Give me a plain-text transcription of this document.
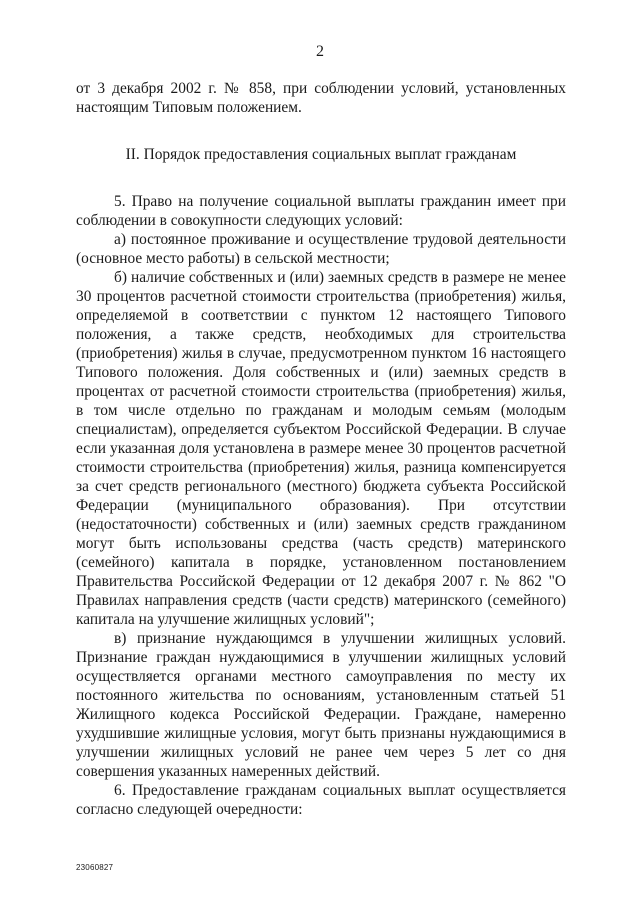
2

от 3 декабря 2002 г. № 858, при соблюдении условий, установленных настоящим Типовым положением.

II. Порядок предоставления социальных выплат гражданам

5. Право на получение социальной выплаты гражданин имеет при соблюдении в совокупности следующих условий:

а) постоянное проживание и осуществление трудовой деятельности (основное место работы) в сельской местности;

б) наличие собственных и (или) заемных средств в размере не менее 30 процентов расчетной стоимости строительства (приобретения) жилья, определяемой в соответствии с пунктом 12 настоящего Типового положения, а также средств, необходимых для строительства (приобретения) жилья в случае, предусмотренном пунктом 16 настоящего Типового положения. Доля собственных и (или) заемных средств в процентах от расчетной стоимости строительства (приобретения) жилья, в том числе отдельно по гражданам и молодым семьям (молодым специалистам), определяется субъектом Российской Федерации. В случае если указанная доля установлена в размере менее 30 процентов расчетной стоимости строительства (приобретения) жилья, разница компенсируется за счет средств регионального (местного) бюджета субъекта Российской Федерации (муниципального образования). При отсутствии (недостаточности) собственных и (или) заемных средств гражданином могут быть использованы средства (часть средств) материнского (семейного) капитала в порядке, установленном постановлением Правительства Российской Федерации от 12 декабря 2007 г. № 862 "О Правилах направления средств (части средств) материнского (семейного) капитала на улучшение жилищных условий";

в) признание нуждающимся в улучшении жилищных условий. Признание граждан нуждающимися в улучшении жилищных условий осуществляется органами местного самоуправления по месту их постоянного жительства по основаниям, установленным статьей 51 Жилищного кодекса Российской Федерации. Граждане, намеренно ухудшившие жилищные условия, могут быть признаны нуждающимися в улучшении жилищных условий не ранее чем через 5 лет со дня совершения указанных намеренных действий.

6. Предоставление гражданам социальных выплат осуществляется согласно следующей очередности:

23060827
